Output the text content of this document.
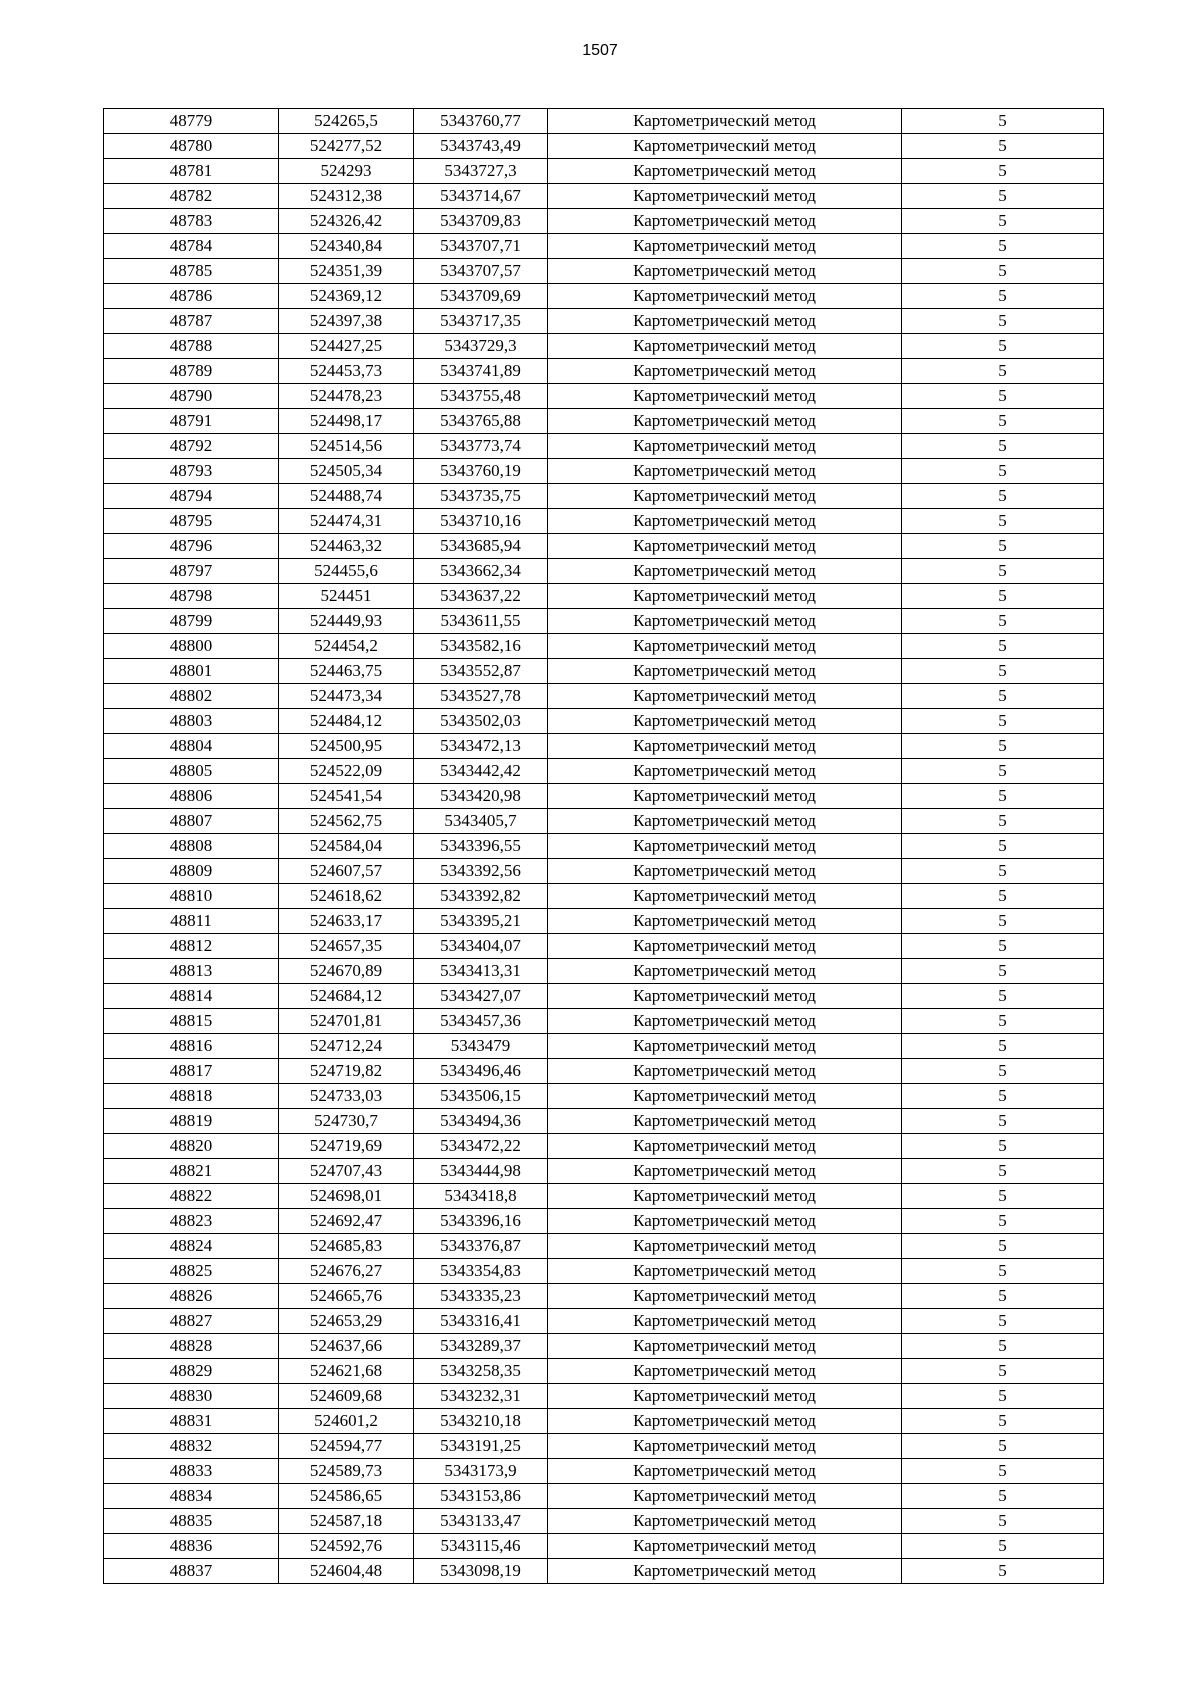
1507
48779	524265,5	5343760,77	Картометрический метод	5
48780	524277,52	5343743,49	Картометрический метод	5
48781	524293	5343727,3	Картометрический метод	5
48782	524312,38	5343714,67	Картометрический метод	5
48783	524326,42	5343709,83	Картометрический метод	5
48784	524340,84	5343707,71	Картометрический метод	5
48785	524351,39	5343707,57	Картометрический метод	5
48786	524369,12	5343709,69	Картометрический метод	5
48787	524397,38	5343717,35	Картометрический метод	5
48788	524427,25	5343729,3	Картометрический метод	5
48789	524453,73	5343741,89	Картометрический метод	5
48790	524478,23	5343755,48	Картометрический метод	5
48791	524498,17	5343765,88	Картометрический метод	5
48792	524514,56	5343773,74	Картометрический метод	5
48793	524505,34	5343760,19	Картометрический метод	5
48794	524488,74	5343735,75	Картометрический метод	5
48795	524474,31	5343710,16	Картометрический метод	5
48796	524463,32	5343685,94	Картометрический метод	5
48797	524455,6	5343662,34	Картометрический метод	5
48798	524451	5343637,22	Картометрический метод	5
48799	524449,93	5343611,55	Картометрический метод	5
48800	524454,2	5343582,16	Картометрический метод	5
48801	524463,75	5343552,87	Картометрический метод	5
48802	524473,34	5343527,78	Картометрический метод	5
48803	524484,12	5343502,03	Картометрический метод	5
48804	524500,95	5343472,13	Картометрический метод	5
48805	524522,09	5343442,42	Картометрический метод	5
48806	524541,54	5343420,98	Картометрический метод	5
48807	524562,75	5343405,7	Картометрический метод	5
48808	524584,04	5343396,55	Картометрический метод	5
48809	524607,57	5343392,56	Картометрический метод	5
48810	524618,62	5343392,82	Картометрический метод	5
48811	524633,17	5343395,21	Картометрический метод	5
48812	524657,35	5343404,07	Картометрический метод	5
48813	524670,89	5343413,31	Картометрический метод	5
48814	524684,12	5343427,07	Картометрический метод	5
48815	524701,81	5343457,36	Картометрический метод	5
48816	524712,24	5343479	Картометрический метод	5
48817	524719,82	5343496,46	Картометрический метод	5
48818	524733,03	5343506,15	Картометрический метод	5
48819	524730,7	5343494,36	Картометрический метод	5
48820	524719,69	5343472,22	Картометрический метод	5
48821	524707,43	5343444,98	Картометрический метод	5
48822	524698,01	5343418,8	Картометрический метод	5
48823	524692,47	5343396,16	Картометрический метод	5
48824	524685,83	5343376,87	Картометрический метод	5
48825	524676,27	5343354,83	Картометрический метод	5
48826	524665,76	5343335,23	Картометрический метод	5
48827	524653,29	5343316,41	Картометрический метод	5
48828	524637,66	5343289,37	Картометрический метод	5
48829	524621,68	5343258,35	Картометрический метод	5
48830	524609,68	5343232,31	Картометрический метод	5
48831	524601,2	5343210,18	Картометрический метод	5
48832	524594,77	5343191,25	Картометрический метод	5
48833	524589,73	5343173,9	Картометрический метод	5
48834	524586,65	5343153,86	Картометрический метод	5
48835	524587,18	5343133,47	Картометрический метод	5
48836	524592,76	5343115,46	Картометрический метод	5
48837	524604,48	5343098,19	Картометрический метод	5
